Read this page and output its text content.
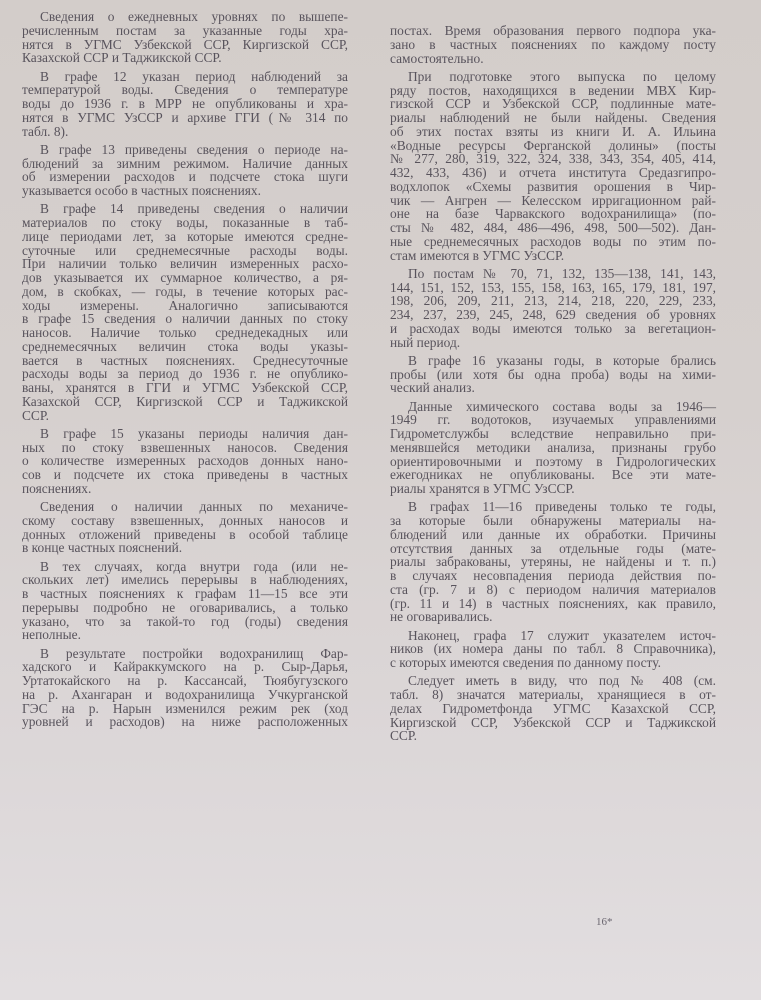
Сведения о ежедневных уровнях по вышепе-
речисленным постам за указанные годы хра-
нятся в УГМС Узбекской ССР, Киргизской ССР,
Казахской ССР и Таджикской ССР.
В графе 12 указан период наблюдений за
температурой воды. Сведения о температуре
воды до 1936 г. в МРР не опубликованы и хра-
нятся в УГМС УзССР и архиве ГГИ (№ 314 по
табл. 8).
В графе 13 приведены сведения о периоде на-
блюдений за зимним режимом. Наличие данных
об измерении расходов и подсчете стока шуги
указывается особо в частных пояснениях.
В графе 14 приведены сведения о наличии
материалов по стоку воды, показанные в таб-
лице периодами лет, за которые имеются средне-
суточные или среднемесячные расходы воды.
При наличии только величин измеренных расхо-
дов указывается их суммарное количество, а ря-
дом, в скобках, — годы, в течение которых рас-
ходы измерены. Аналогично записываются
в графе 15 сведения о наличии данных по стоку
наносов. Наличие только среднедекадных или
среднемесячных величин стока воды указы-
вается в частных пояснениях. Среднесуточные
расходы воды за период до 1936 г. не опублико-
ваны, хранятся в ГГИ и УГМС Узбекской ССР,
Казахской ССР, Киргизской ССР и Таджикской
ССР.
В графе 15 указаны периоды наличия дан-
ных по стоку взвешенных наносов. Сведения
о количестве измеренных расходов донных нано-
сов и подсчете их стока приведены в частных
пояснениях.
Сведения о наличии данных по механиче-
скому составу взвешенных, донных наносов и
донных отложений приведены в особой таблице
в конце частных пояснений.
В тех случаях, когда внутри года (или не-
скольких лет) имелись перерывы в наблюдениях,
в частных пояснениях к графам 11—15 все эти
перерывы подробно не оговаривались, а только
указано, что за такой-то год (годы) сведения
неполные.
В результате постройки водохранилищ Фар-
хадского и Кайраккумского на р. Сыр-Дарья,
Уртатокайского на р. Кассансай, Тюябугузского
на р. Ахангаран и водохранилища Учкурганской
ГЭС на р. Нарын изменился режим рек (ход
уровней и расходов) на ниже расположенных
постах. Время образования первого подпора ука-
зано в частных пояснениях по каждому посту
самостоятельно.
При подготовке этого выпуска по целому
ряду постов, находящихся в ведении МВХ Кир-
гизской ССР и Узбекской ССР, подлинные мате-
риалы наблюдений не были найдены. Сведения
об этих постах взяты из книги И. А. Ильина
«Водные ресурсы Ферганской долины» (посты
№ 277, 280, 319, 322, 324, 338, 343, 354, 405, 414,
432, 433, 436) и отчета института Средазгипро-
водхлопок «Схемы развития орошения в Чир-
чик — Ангрен — Келесском ирригационном рай-
оне на базе Чарвакского водохранилища» (по-
сты № 482, 484, 486—496, 498, 500—502). Дан-
ные среднемесячных расходов воды по этим по-
стам имеются в УГМС УзССР.
По постам № 70, 71, 132, 135—138, 141, 143,
144, 151, 152, 153, 155, 158, 163, 165, 179, 181, 197,
198, 206, 209, 211, 213, 214, 218, 220, 229, 233,
234, 237, 239, 245, 248, 629 сведения об уровнях
и расходах воды имеются только за вегетацион-
ный период.
В графе 16 указаны годы, в которые брались
пробы (или хотя бы одна проба) воды на хими-
ческий анализ.
Данные химического состава воды за 1946—
1949 гг. водотоков, изучаемых управлениями
Гидрометслужбы вследствие неправильно при-
менявшейся методики анализа, признаны грубо
ориентировочными и поэтому в Гидрологических
ежегодниках не опубликованы. Все эти мате-
риалы хранятся в УГМС УзССР.
В графах 11—16 приведены только те годы,
за которые были обнаружены материалы на-
блюдений или данные их обработки. Причины
отсутствия данных за отдельные годы (мате-
риалы забракованы, утеряны, не найдены и т. п.)
в случаях несовпадения периода действия по-
ста (гр. 7 и 8) с периодом наличия материалов
(гр. 11 и 14) в частных пояснениях, как правило,
не оговаривались.
Наконец, графа 17 служит указателем источ-
ников (их номера даны по табл. 8 Справочника),
с которых имеются сведения по данному посту.
Следует иметь в виду, что под № 408 (см.
табл. 8) значатся материалы, хранящиеся в от-
делах Гидрометфонда УГМС Казахской ССР,
Киргизской ССР, Узбекской ССР и Таджикской
ССР.
16*
